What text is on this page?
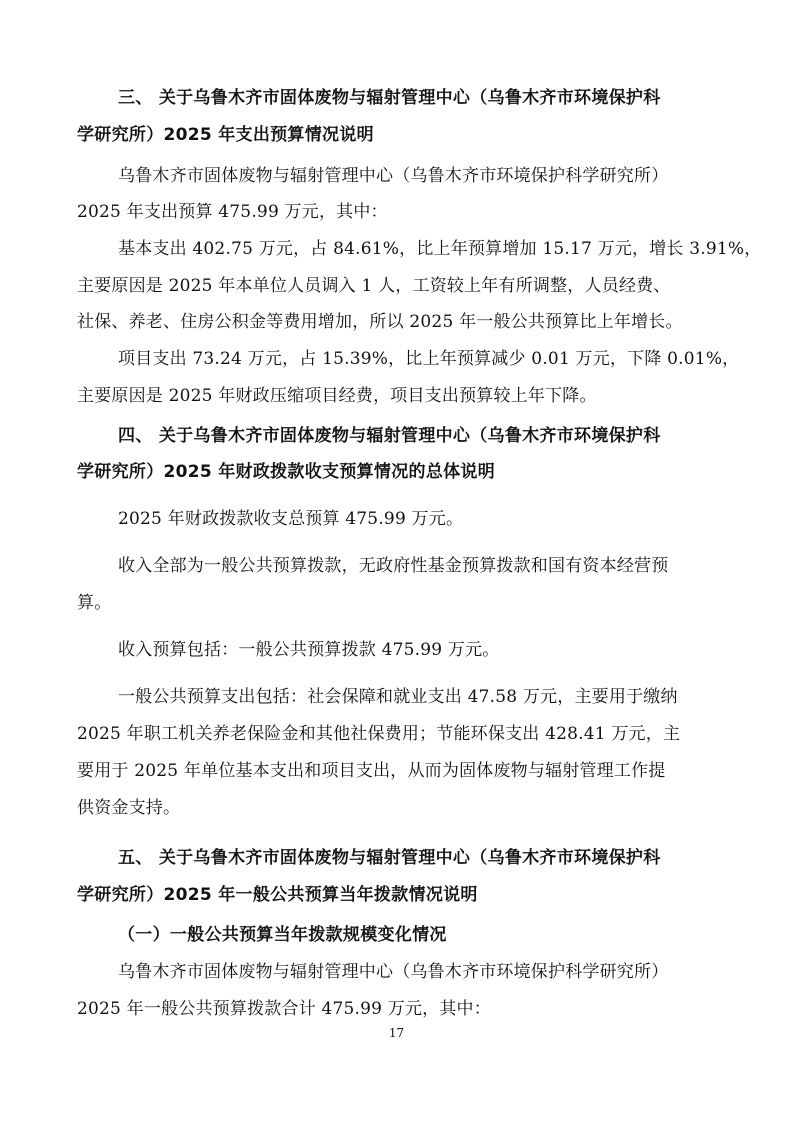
三、 关于乌鲁木齐市固体废物与辐射管理中心（乌鲁木齐市环境保护科
学研究所）2025 年支出预算情况说明
乌鲁木齐市固体废物与辐射管理中心（乌鲁木齐市环境保护科学研究所）
2025 年支出预算 475.99 万元，其中：
基本支出 402.75 万元，占 84.61%，比上年预算增加 15.17 万元，增长 3.91%，
主要原因是 2025 年本单位人员调入 1 人，工资较上年有所调整，人员经费、
社保、养老、住房公积金等费用增加，所以 2025 年一般公共预算比上年增长。
项目支出 73.24 万元，占 15.39%，比上年预算减少 0.01 万元，下降 0.01%，
主要原因是 2025 年财政压缩项目经费，项目支出预算较上年下降。
四、 关于乌鲁木齐市固体废物与辐射管理中心（乌鲁木齐市环境保护科
学研究所）2025 年财政拨款收支预算情况的总体说明
2025 年财政拨款收支总预算 475.99 万元。
收入全部为一般公共预算拨款，无政府性基金预算拨款和国有资本经营预
算。
收入预算包括：一般公共预算拨款 475.99 万元。
一般公共预算支出包括：社会保障和就业支出 47.58 万元，主要用于缴纳
2025 年职工机关养老保险金和其他社保费用；节能环保支出 428.41 万元，主
要用于 2025 年单位基本支出和项目支出，从而为固体废物与辐射管理工作提
供资金支持。
五、 关于乌鲁木齐市固体废物与辐射管理中心（乌鲁木齐市环境保护科
学研究所）2025 年一般公共预算当年拨款情况说明
（一）一般公共预算当年拨款规模变化情况
乌鲁木齐市固体废物与辐射管理中心（乌鲁木齐市环境保护科学研究所）
2025 年一般公共预算拨款合计 475.99 万元，其中：
17
